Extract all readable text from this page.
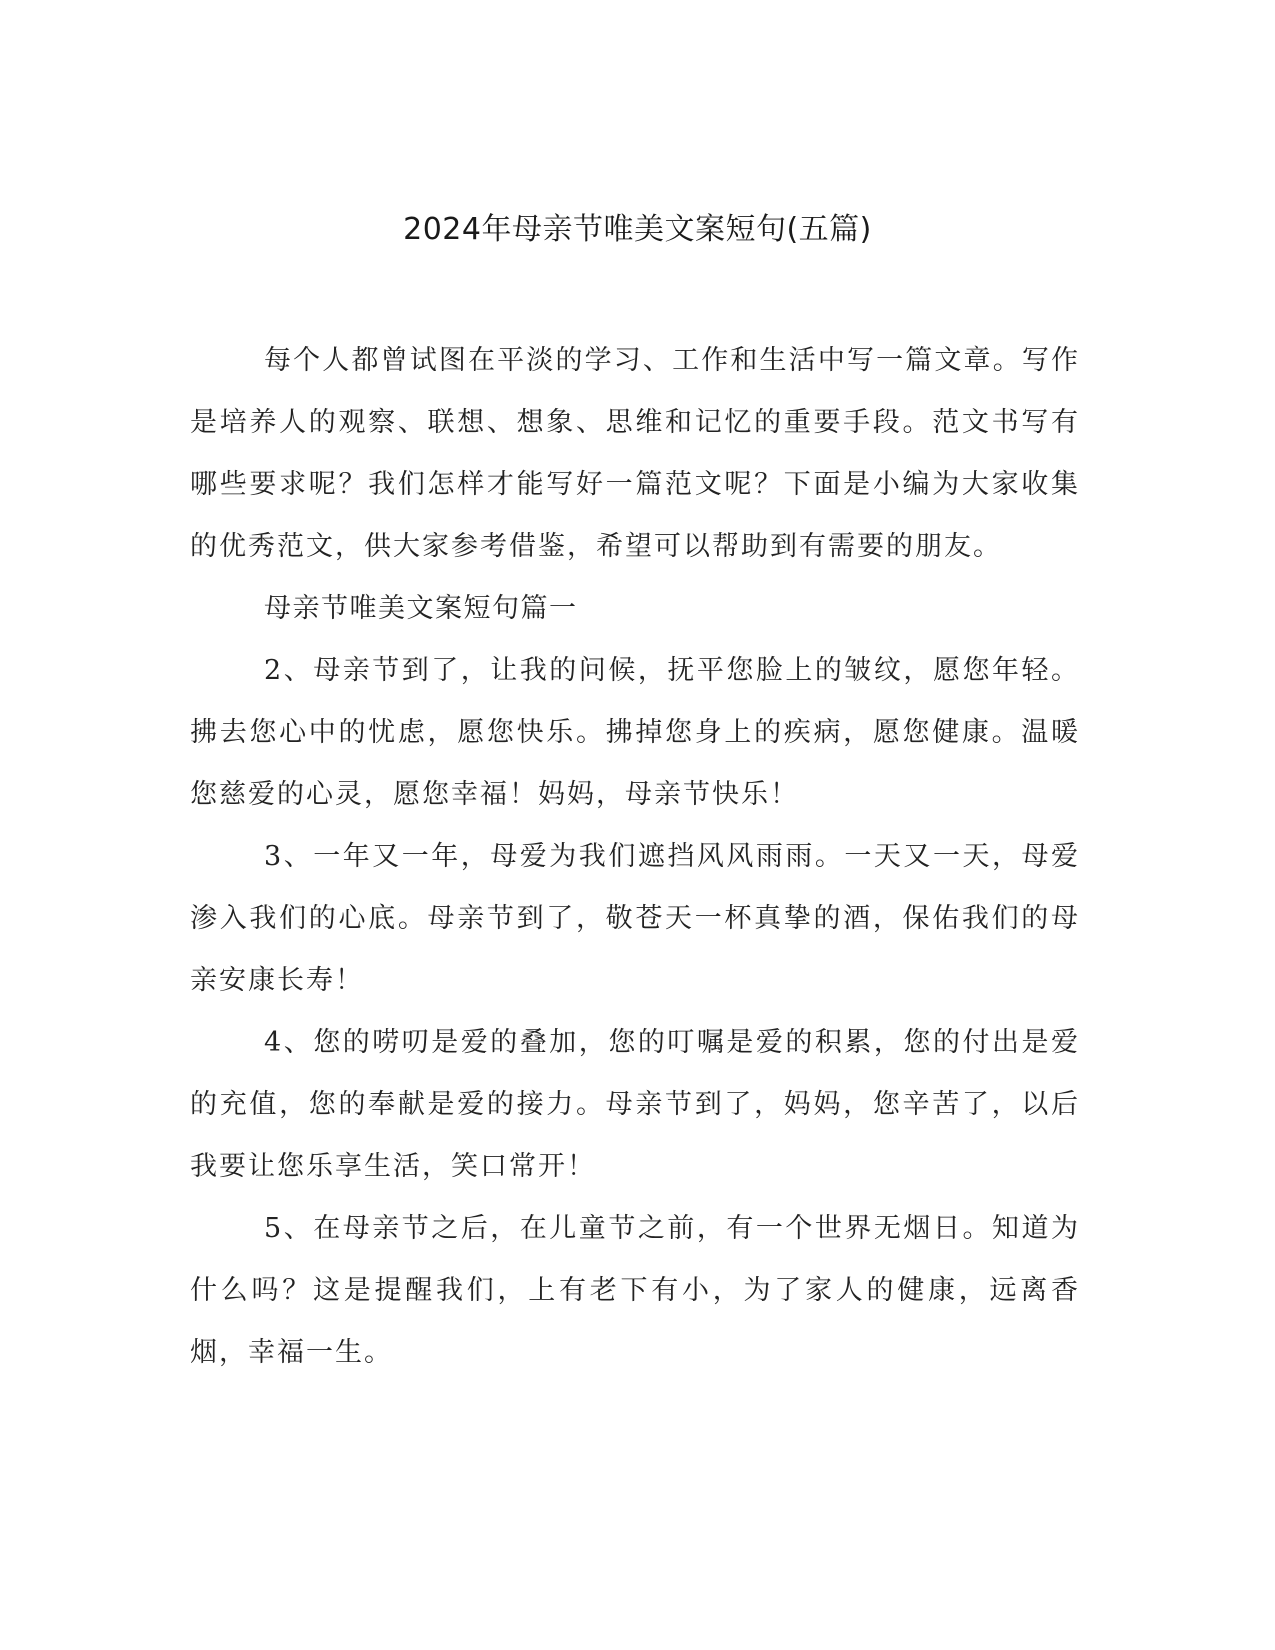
2024年母亲节唯美文案短句(五篇)

每个人都曾试图在平淡的学习、工作和生活中写一篇文章。写作是培养人的观察、联想、想象、思维和记忆的重要手段。范文书写有哪些要求呢？我们怎样才能写好一篇范文呢？下面是小编为大家收集的优秀范文，供大家参考借鉴，希望可以帮助到有需要的朋友。

母亲节唯美文案短句篇一

2、母亲节到了，让我的问候，抚平您脸上的皱纹，愿您年轻。拂去您心中的忧虑，愿您快乐。拂掉您身上的疾病，愿您健康。温暖您慈爱的心灵，愿您幸福！妈妈，母亲节快乐！

3、一年又一年，母爱为我们遮挡风风雨雨。一天又一天，母爱渗入我们的心底。母亲节到了，敬苍天一杯真挚的酒，保佑我们的母亲安康长寿！

4、您的唠叨是爱的叠加，您的叮嘱是爱的积累，您的付出是爱的充值，您的奉献是爱的接力。母亲节到了，妈妈，您辛苦了，以后我要让您乐享生活，笑口常开！

5、在母亲节之后，在儿童节之前，有一个世界无烟日。知道为什么吗？这是提醒我们，上有老下有小，为了家人的健康，远离香烟，幸福一生。
